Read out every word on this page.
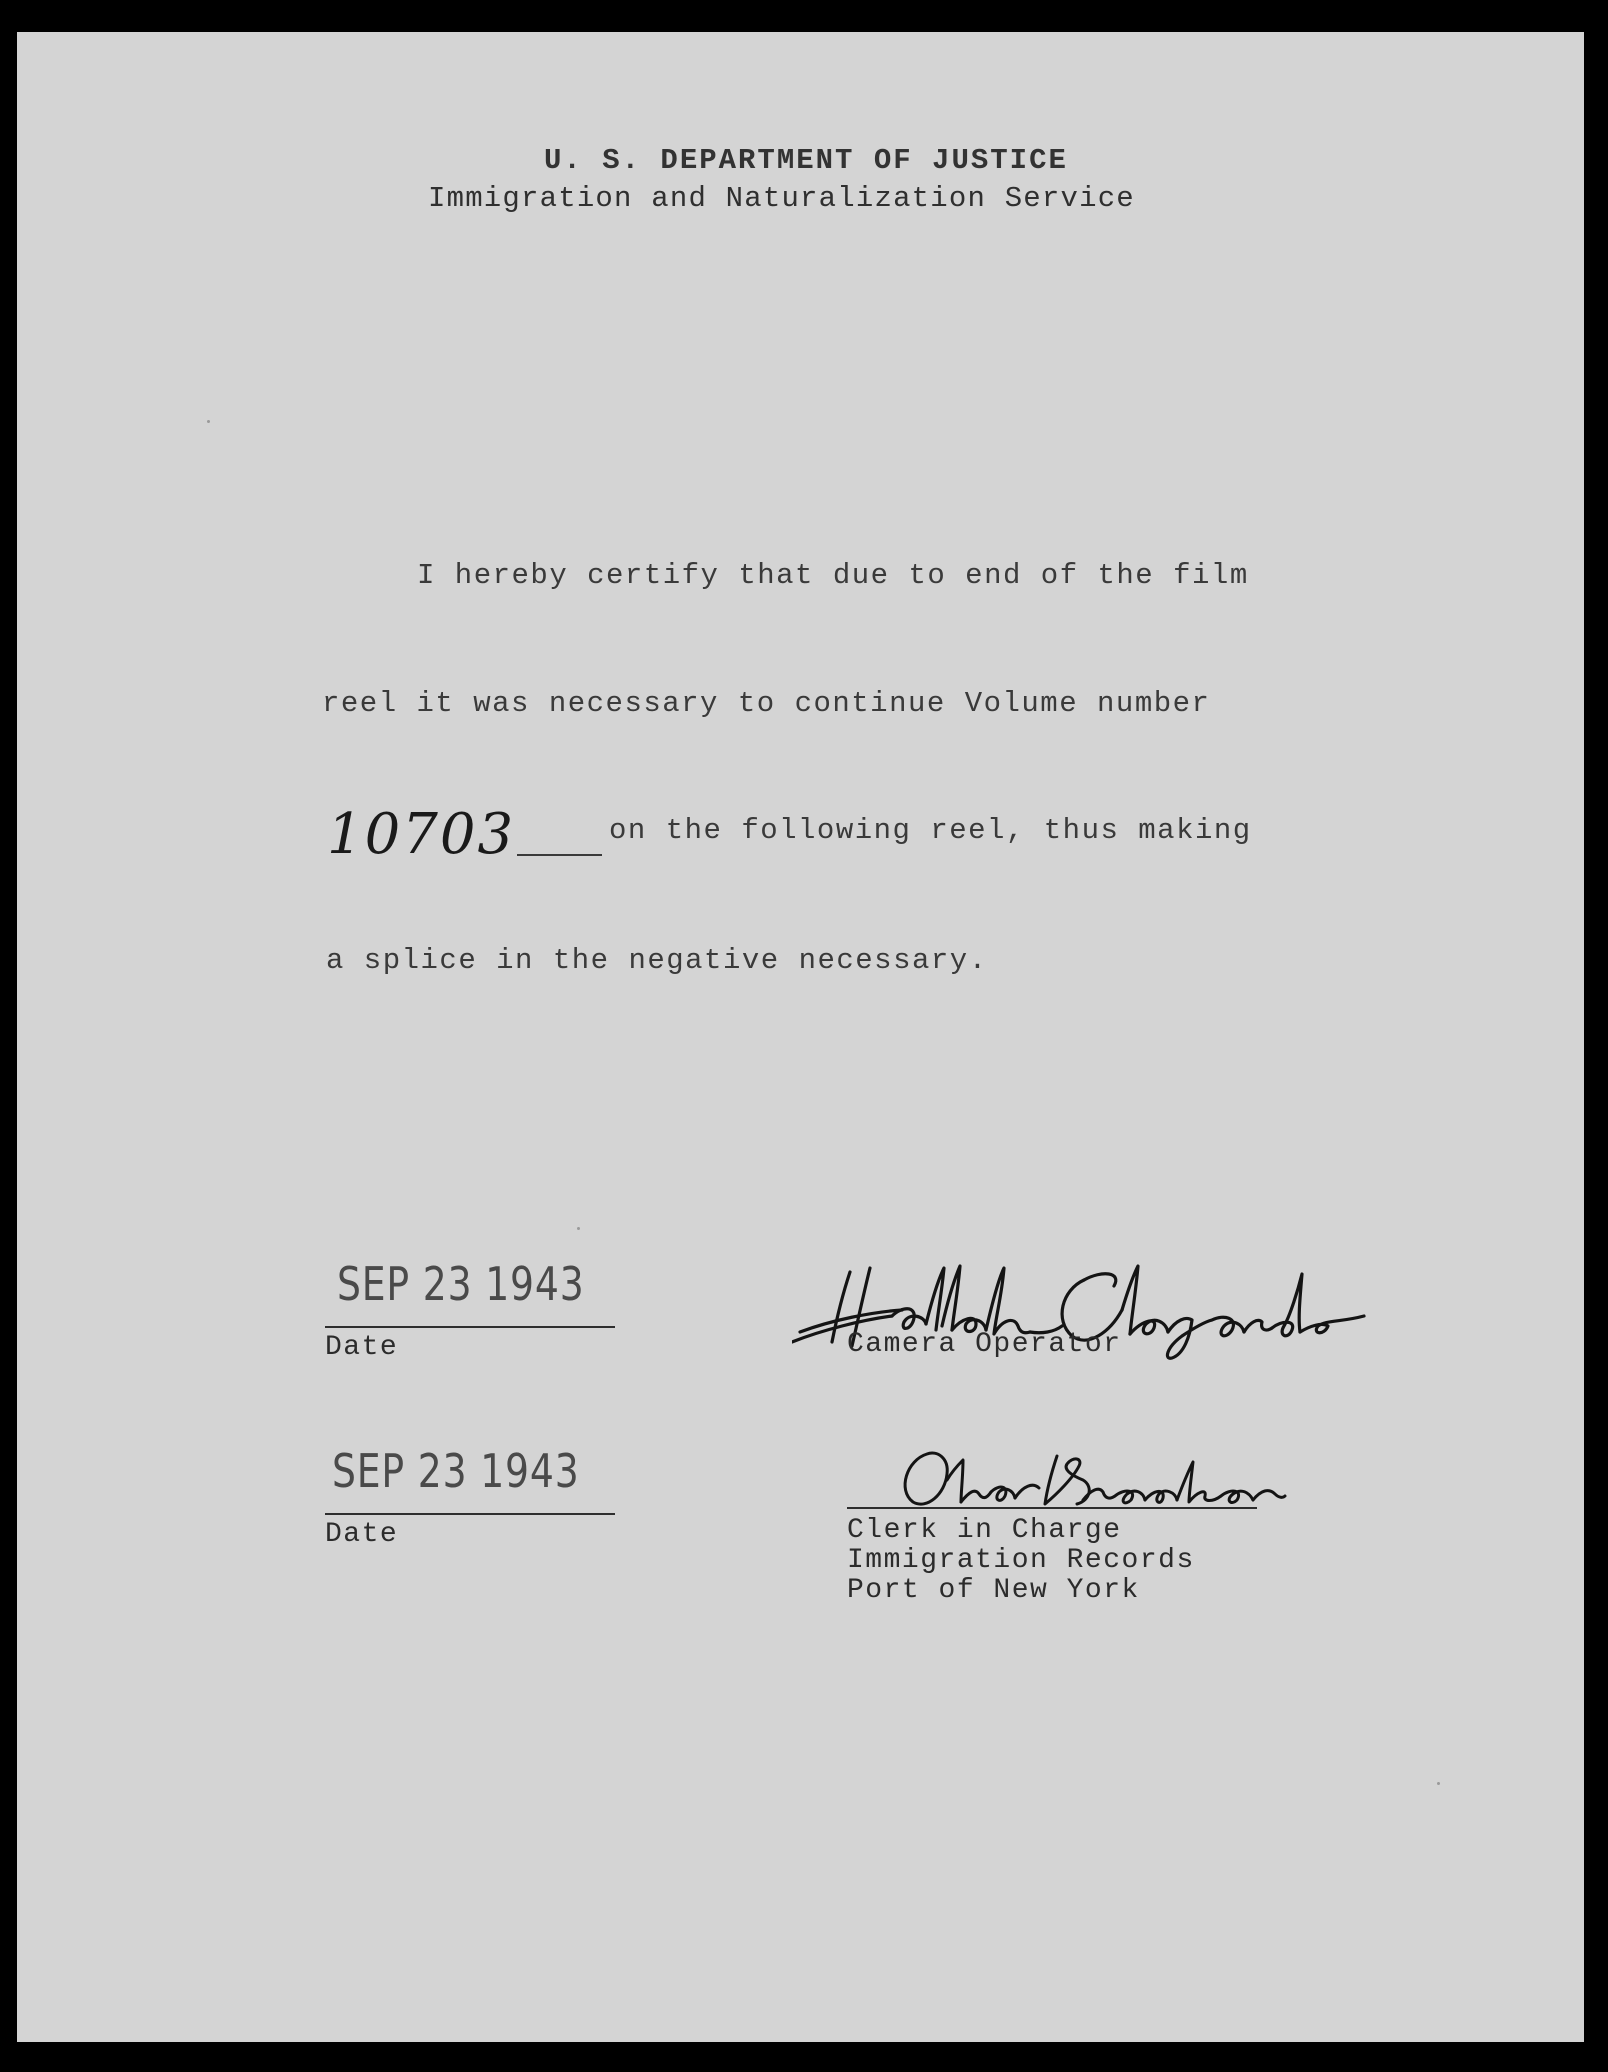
U. S. DEPARTMENT OF JUSTICE
Immigration and Naturalization Service
I hereby certify that due to end of the film
reel it was necessary to continue Volume number
10703	on the following reel, thus making
a splice in the negative necessary.
SEP 23 1943
Date	Camera Operator
SEP 23 1943
Date	Clerk in Charge
Immigration Records
Port of New York
